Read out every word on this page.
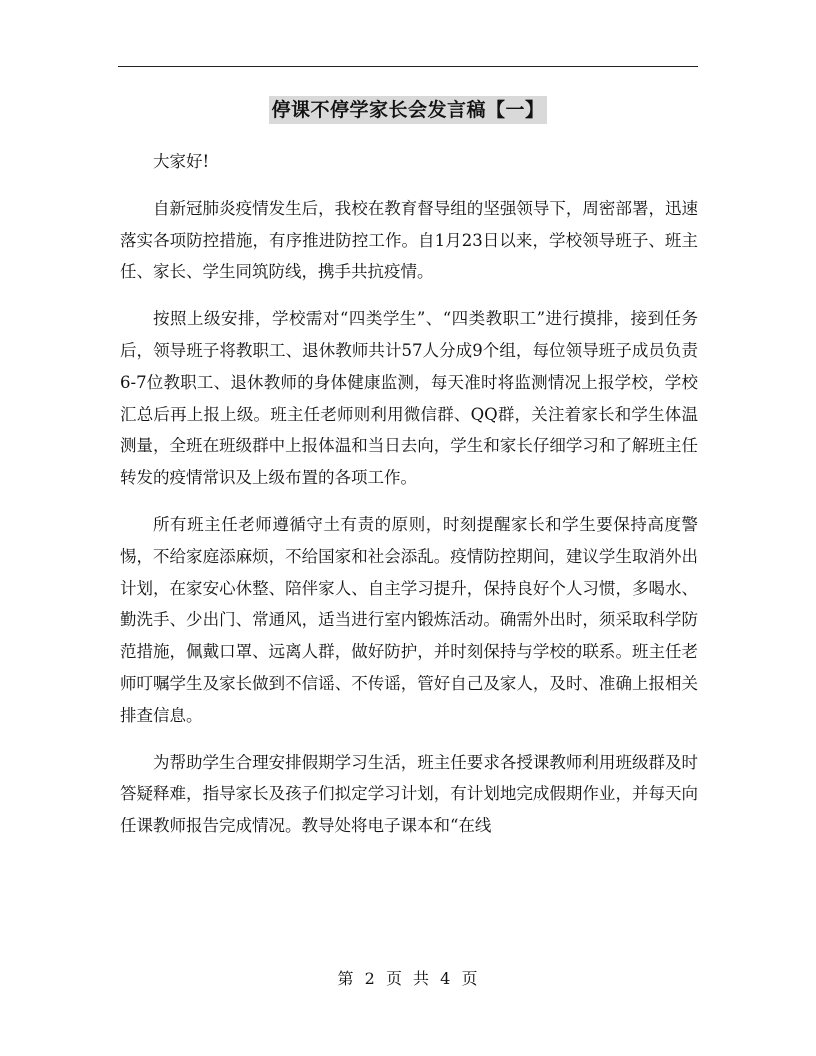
停课不停学家长会发言稿【一】

大家好!

自新冠肺炎疫情发生后，我校在教育督导组的坚强领导下，周密部署，迅速落实各项防控措施，有序推进防控工作。自1月23日以来，学校领导班子、班主任、家长、学生同筑防线，携手共抗疫情。

按照上级安排，学校需对“四类学生”、“四类教职工”进行摸排，接到任务后，领导班子将教职工、退休教师共计57人分成9个组，每位领导班子成员负责6-7位教职工、退休教师的身体健康监测，每天准时将监测情况上报学校，学校汇总后再上报上级。班主任老师则利用微信群、QQ群，关注着家长和学生体温测量，全班在班级群中上报体温和当日去向，学生和家长仔细学习和了解班主任转发的疫情常识及上级布置的各项工作。

所有班主任老师遵循守土有责的原则，时刻提醒家长和学生要保持高度警惕，不给家庭添麻烦，不给国家和社会添乱。疫情防控期间，建议学生取消外出计划，在家安心休整、陪伴家人、自主学习提升，保持良好个人习惯，多喝水、勤洗手、少出门、常通风，适当进行室内锻炼活动。确需外出时，须采取科学防范措施，佩戴口罩、远离人群，做好防护，并时刻保持与学校的联系。班主任老师叮嘱学生及家长做到不信谣、不传谣，管好自己及家人，及时、准确上报相关排查信息。

为帮助学生合理安排假期学习生活，班主任要求各授课教师利用班级群及时答疑释难，指导家长及孩子们拟定学习计划，有计划地完成假期作业，并每天向任课教师报告完成情况。教导处将电子课本和“在线

第 2 页 共 4 页
